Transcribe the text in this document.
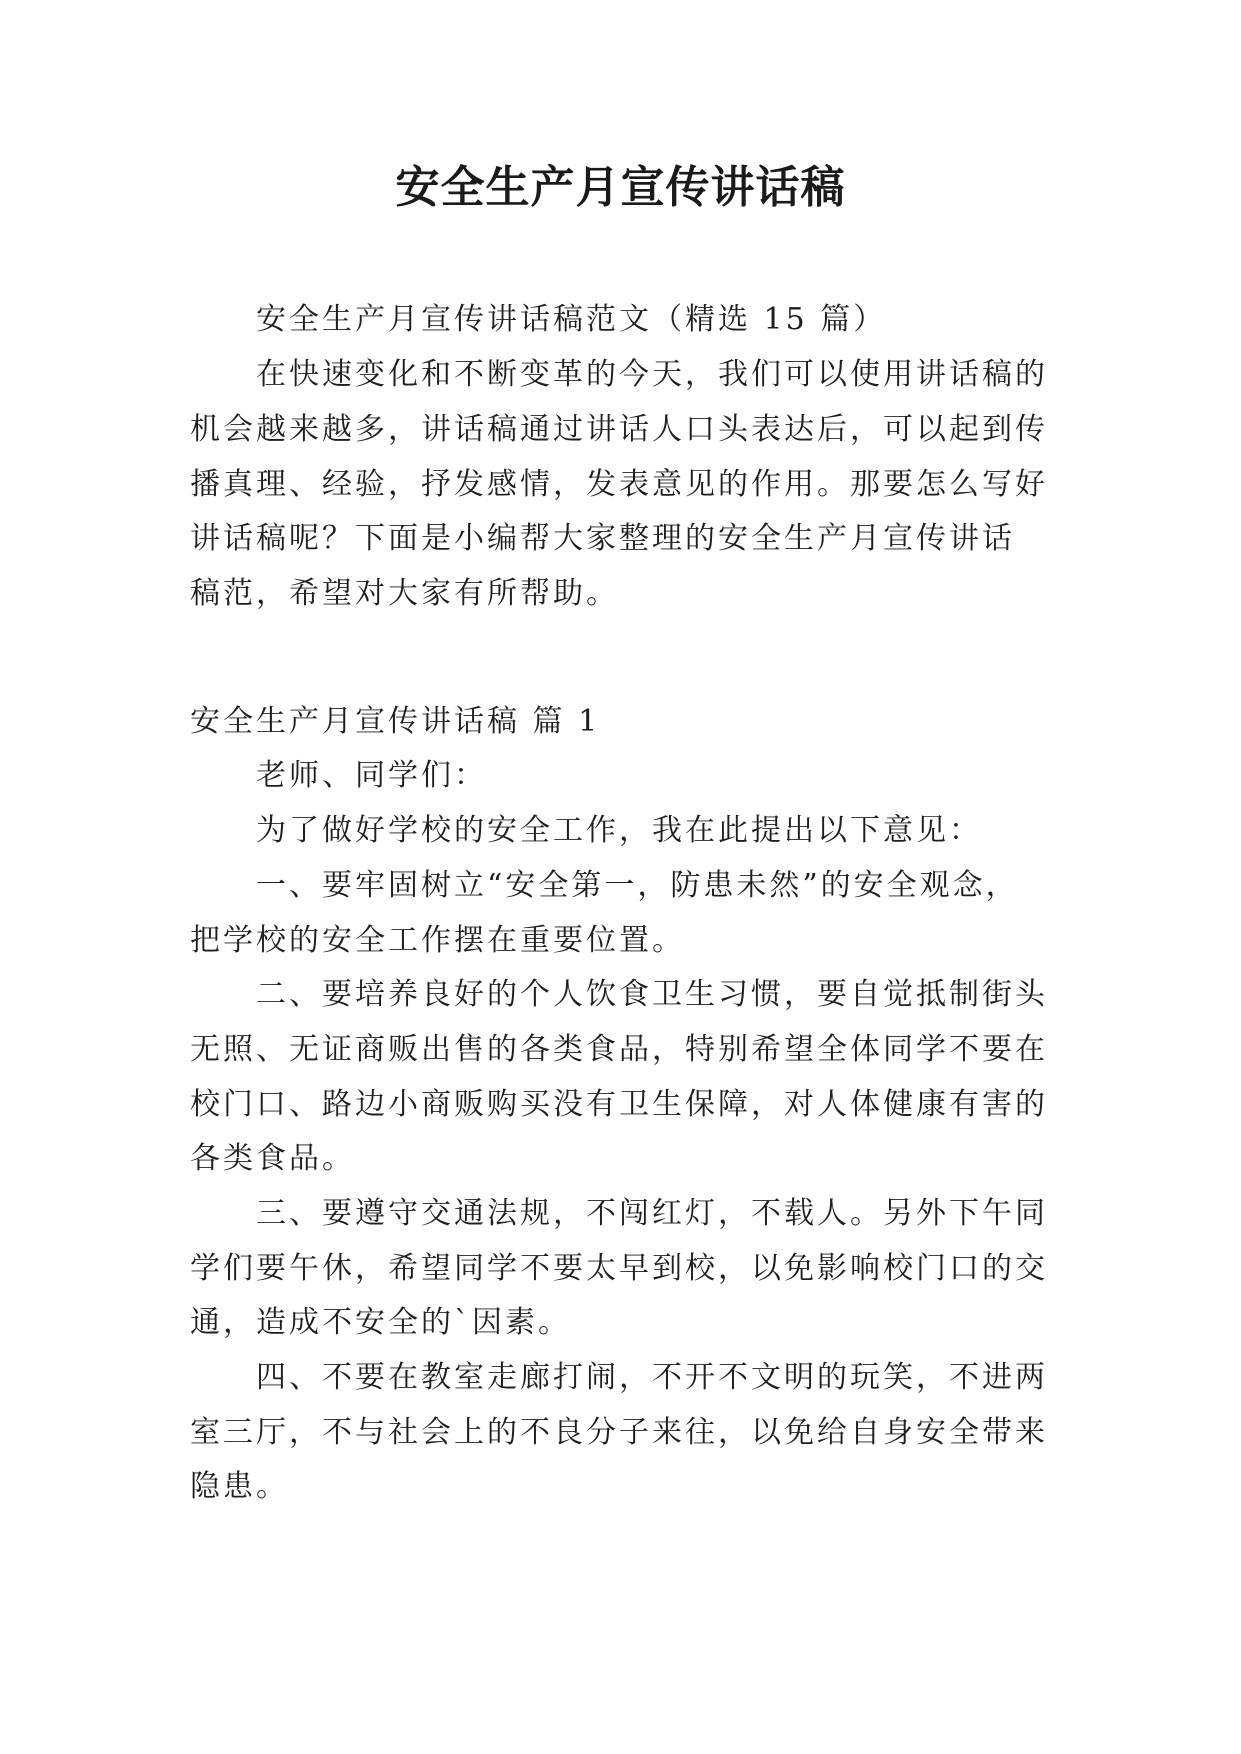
安全生产月宣传讲话稿
安全生产月宣传讲话稿范文（精选 15 篇）
在快速变化和不断变革的今天，我们可以使用讲话稿的
机会越来越多，讲话稿通过讲话人口头表达后，可以起到传
播真理、经验，抒发感情，发表意见的作用。那要怎么写好
讲话稿呢？下面是小编帮大家整理的安全生产月宣传讲话
稿范，希望对大家有所帮助。
安全生产月宣传讲话稿 篇 1
老师、同学们：
为了做好学校的安全工作，我在此提出以下意见：
一、要牢固树立“安全第一，防患未然”的安全观念，
把学校的安全工作摆在重要位置。
二、要培养良好的个人饮食卫生习惯，要自觉抵制街头
无照、无证商贩出售的各类食品，特别希望全体同学不要在
校门口、路边小商贩购买没有卫生保障，对人体健康有害的
各类食品。
三、要遵守交通法规，不闯红灯，不载人。另外下午同
学们要午休，希望同学不要太早到校，以免影响校门口的交
通，造成不安全的`因素。
四、不要在教室走廊打闹，不开不文明的玩笑，不进两
室三厅，不与社会上的不良分子来往，以免给自身安全带来
隐患。
